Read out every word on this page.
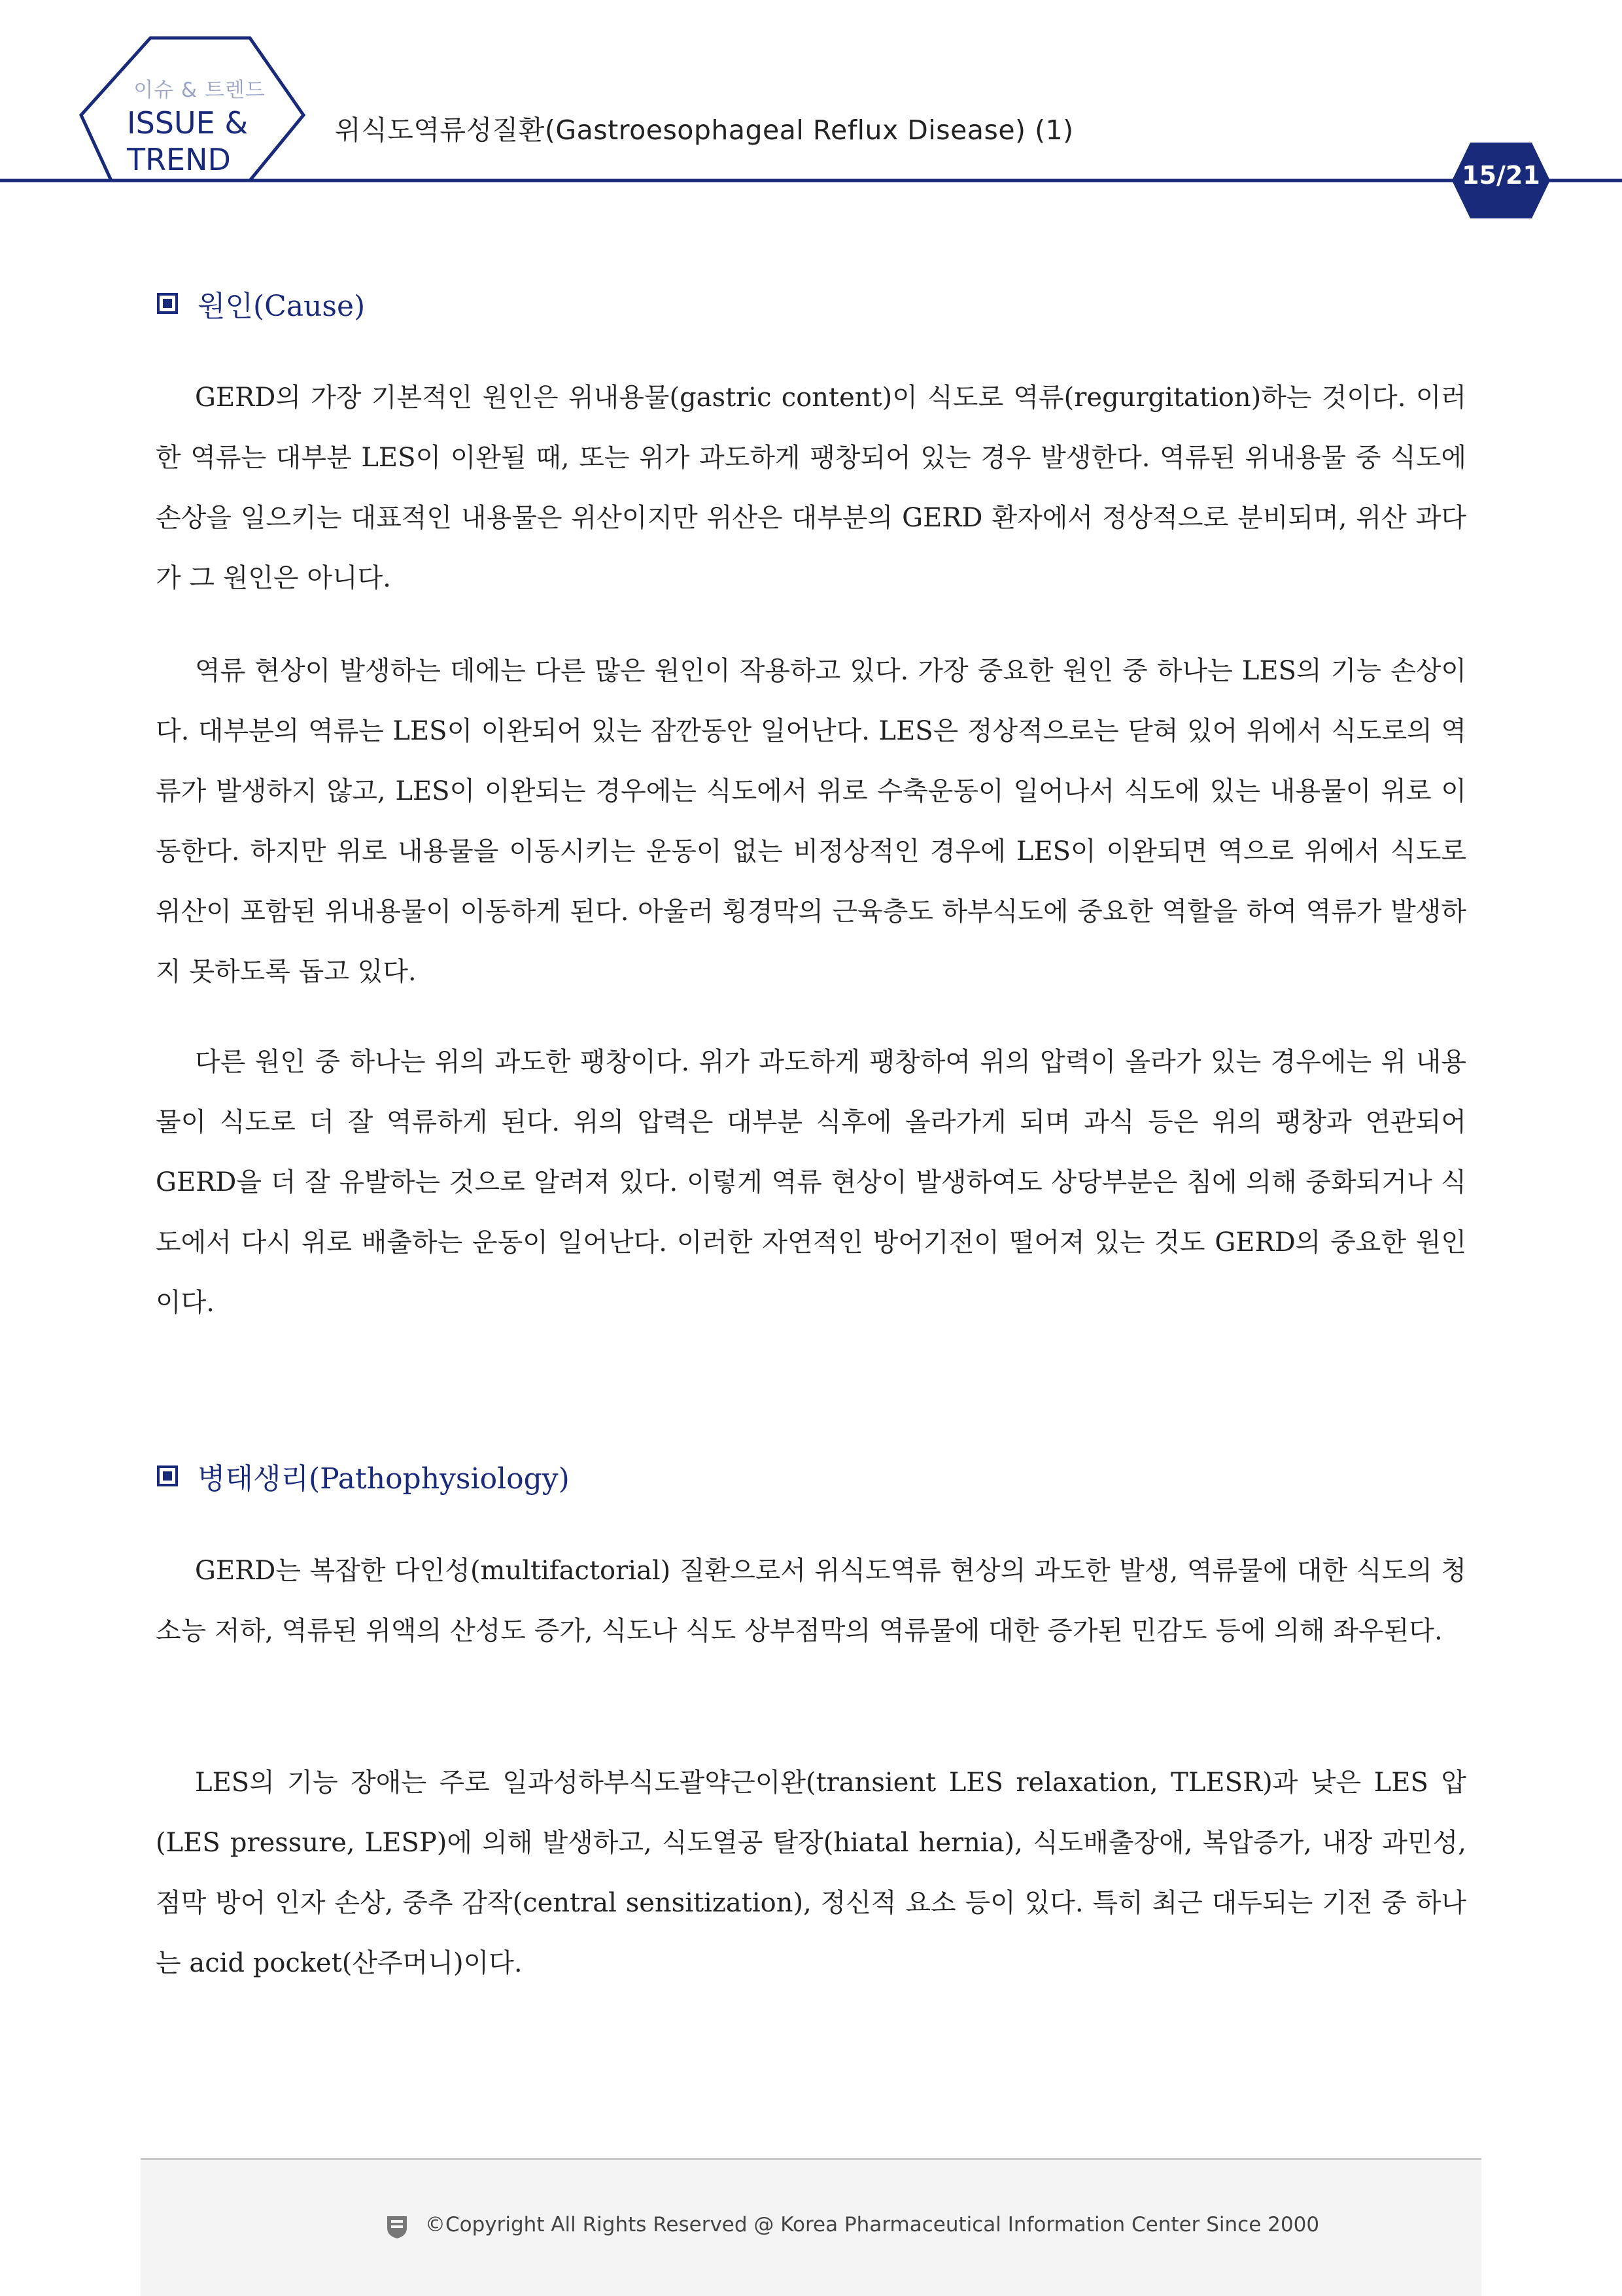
이슈 & 트렌드
ISSUE &
TREND
위식도역류성질환(Gastroesophageal Reflux Disease) (1)
15/21
원인(Cause)

GERD의 가장 기본적인 원인은 위내용물(gastric content)이 식도로 역류(regurgitation)하는 것이다. 이러한 역류는 대부분 LES이 이완될 때, 또는 위가 과도하게 팽창되어 있는 경우 발생한다. 역류된 위내용물 중 식도에 손상을 일으키는 대표적인 내용물은 위산이지만 위산은 대부분의 GERD 환자에서 정상적으로 분비되며, 위산 과다가 그 원인은 아니다.

역류 현상이 발생하는 데에는 다른 많은 원인이 작용하고 있다. 가장 중요한 원인 중 하나는 LES의 기능 손상이다. 대부분의 역류는 LES이 이완되어 있는 잠깐동안 일어난다. LES은 정상적으로는 닫혀 있어 위에서 식도로의 역류가 발생하지 않고, LES이 이완되는 경우에는 식도에서 위로 수축운동이 일어나서 식도에 있는 내용물이 위로 이동한다. 하지만 위로 내용물을 이동시키는 운동이 없는 비정상적인 경우에 LES이 이완되면 역으로 위에서 식도로 위산이 포함된 위내용물이 이동하게 된다. 아울러 횡경막의 근육층도 하부식도에 중요한 역할을 하여 역류가 발생하지 못하도록 돕고 있다.

다른 원인 중 하나는 위의 과도한 팽창이다. 위가 과도하게 팽창하여 위의 압력이 올라가 있는 경우에는 위 내용물이 식도로 더 잘 역류하게 된다. 위의 압력은 대부분 식후에 올라가게 되며 과식 등은 위의 팽창과 연관되어 GERD을 더 잘 유발하는 것으로 알려져 있다. 이렇게 역류 현상이 발생하여도 상당부분은 침에 의해 중화되거나 식도에서 다시 위로 배출하는 운동이 일어난다. 이러한 자연적인 방어기전이 떨어져 있는 것도 GERD의 중요한 원인이다.

병태생리(Pathophysiology)

GERD는 복잡한 다인성(multifactorial) 질환으로서 위식도역류 현상의 과도한 발생, 역류물에 대한 식도의 청소능 저하, 역류된 위액의 산성도 증가, 식도나 식도 상부점막의 역류물에 대한 증가된 민감도 등에 의해 좌우된다.

LES의 기능 장애는 주로 일과성하부식도괄약근이완(transient LES relaxation, TLESR)과 낮은 LES 압(LES pressure, LESP)에 의해 발생하고, 식도열공 탈장(hiatal hernia), 식도배출장애, 복압증가, 내장 과민성, 점막 방어 인자 손상, 중추 감작(central sensitization), 정신적 요소 등이 있다. 특히 최근 대두되는 기전 중 하나는 acid pocket(산주머니)이다.

©Copyright All Rights Reserved @ Korea Pharmaceutical Information Center Since 2000
